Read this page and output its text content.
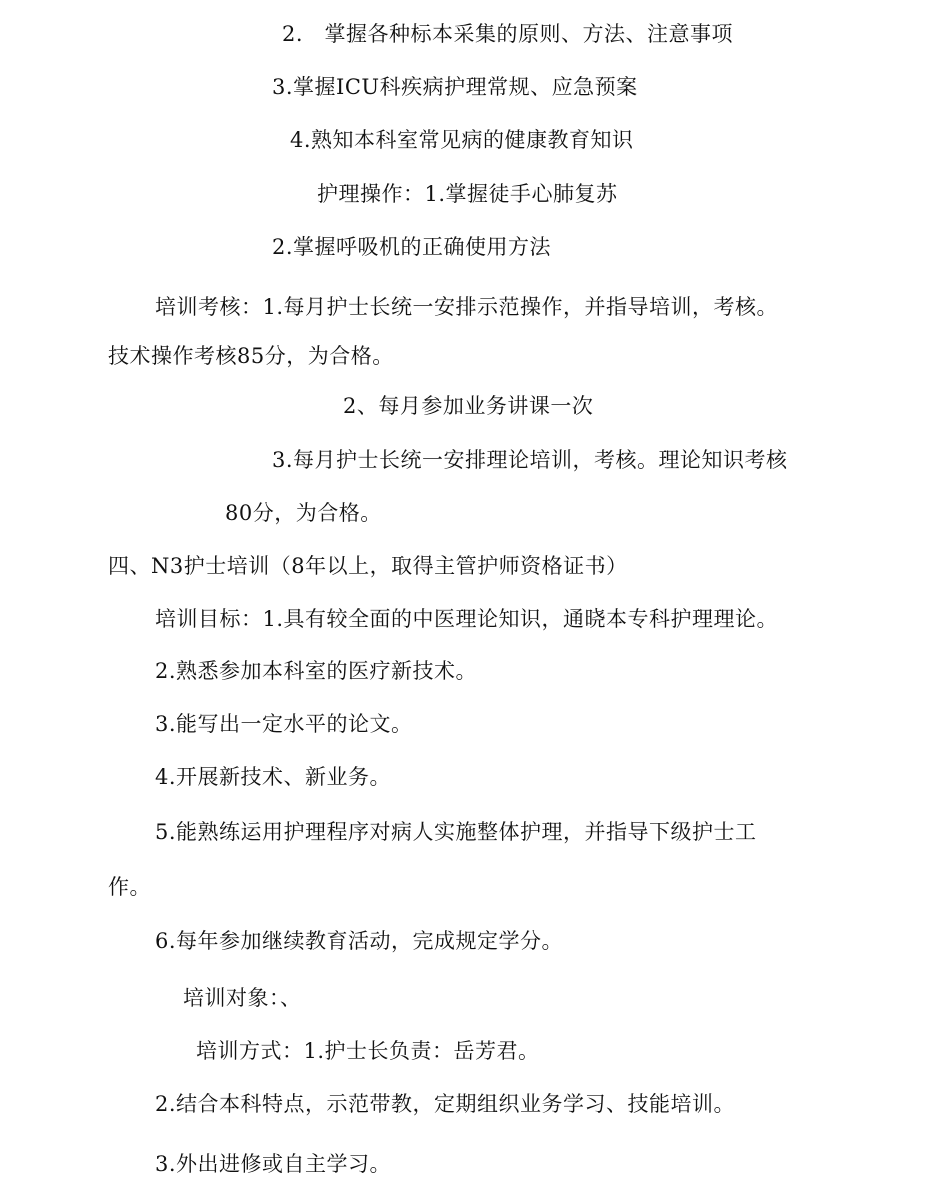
2.　掌握各种标本采集的原则、方法、注意事项
3.掌握ICU科疾病护理常规、应急预案
4.熟知本科室常见病的健康教育知识
护理操作：1.掌握徒手心肺复苏
2.掌握呼吸机的正确使用方法
培训考核：1.每月护士长统一安排示范操作，并指导培训，考核。
技术操作考核85分，为合格。
2、每月参加业务讲课一次
3.每月护士长统一安排理论培训，考核。理论知识考核
80分，为合格。
四、N3护士培训（8年以上，取得主管护师资格证书）
培训目标：1.具有较全面的中医理论知识，通晓本专科护理理论。
2.熟悉参加本科室的医疗新技术。
3.能写出一定水平的论文。
4.开展新技术、新业务。
5.能熟练运用护理程序对病人实施整体护理，并指导下级护士工
作。
6.每年参加继续教育活动，完成规定学分。
培训对象：、
培训方式：1.护士长负责：岳芳君。
2.结合本科特点，示范带教，定期组织业务学习、技能培训。
3.外出进修或自主学习。
